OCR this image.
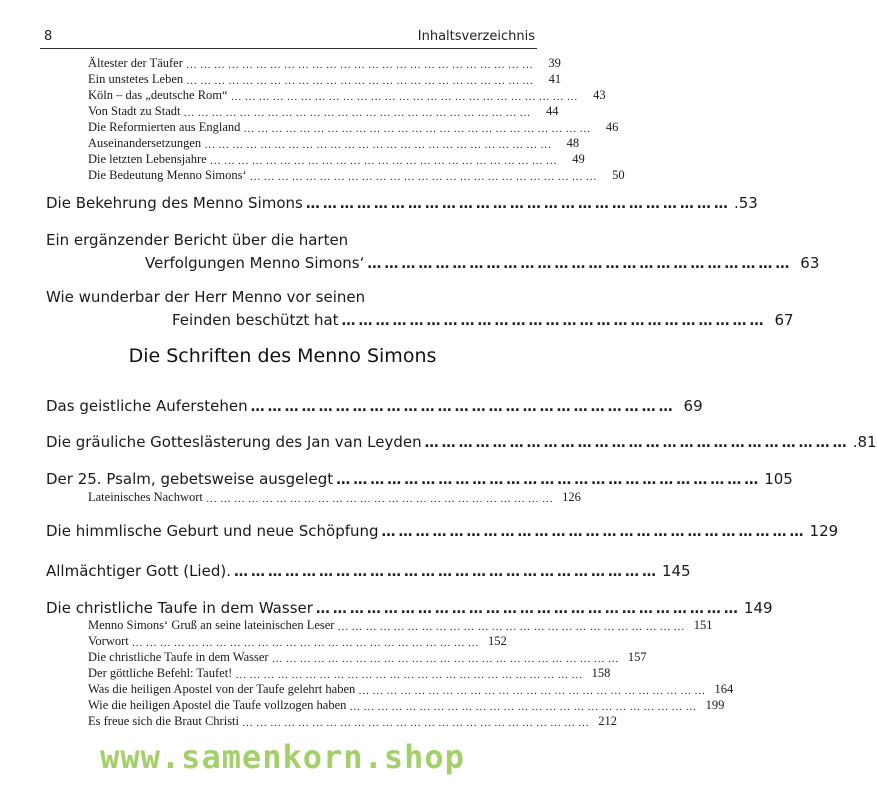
8	Inhaltsverzeichnis
Ältester der Täufer …………………………………………………………………	39
Ein unstetes Leben …………………………………………………………………	41
Köln – das „deutsche Rom“ …………………………………………………………………	43
Von Stadt zu Stadt …………………………………………………………………	44
Die Reformierten aus England …………………………………………………………………	46
Auseinandersetzungen …………………………………………………………………	48
Die letzten Lebensjahre …………………………………………………………………	49
Die Bedeutung Menno Simons‘ …………………………………………………………………	50
Die Bekehrung des Menno Simons ………………………………………………………………… .53
Ein ergänzender Bericht über die harten
Verfolgungen Menno Simons‘ ………………………………………………………………… 63
Wie wunderbar der Herr Menno vor seinen
Feinden beschützt hat ………………………………………………………………… 67
Die Schriften des Menno Simons
Das geistliche Auferstehen ………………………………………………………………… 69
Die gräuliche Gotteslästerung des Jan van Leyden ………………………………………………………………… .81
Der 25. Psalm, gebetsweise ausgelegt ………………………………………………………………… 105
Lateinisches Nachwort ………………………………………………………………… 126
Die himmlische Geburt und neue Schöpfung ………………………………………………………………… 129
Allmächtiger Gott (Lied). ………………………………………………………………… 145
Die christliche Taufe in dem Wasser ………………………………………………………………… 149
Menno Simons‘ Gruß an seine lateinischen Leser ………………………………………………………………… 151
Vorwort ………………………………………………………………… 152
Die christliche Taufe in dem Wasser ………………………………………………………………… 157
Der göttliche Befehl: Taufet! ………………………………………………………………… 158
Was die heiligen Apostel von der Taufe gelehrt haben ………………………………………………………………… 164
Wie die heiligen Apostel die Taufe vollzogen haben ………………………………………………………………… 199
Es freue sich die Braut Christi ………………………………………………………………… 212
www.samenkorn.shop
